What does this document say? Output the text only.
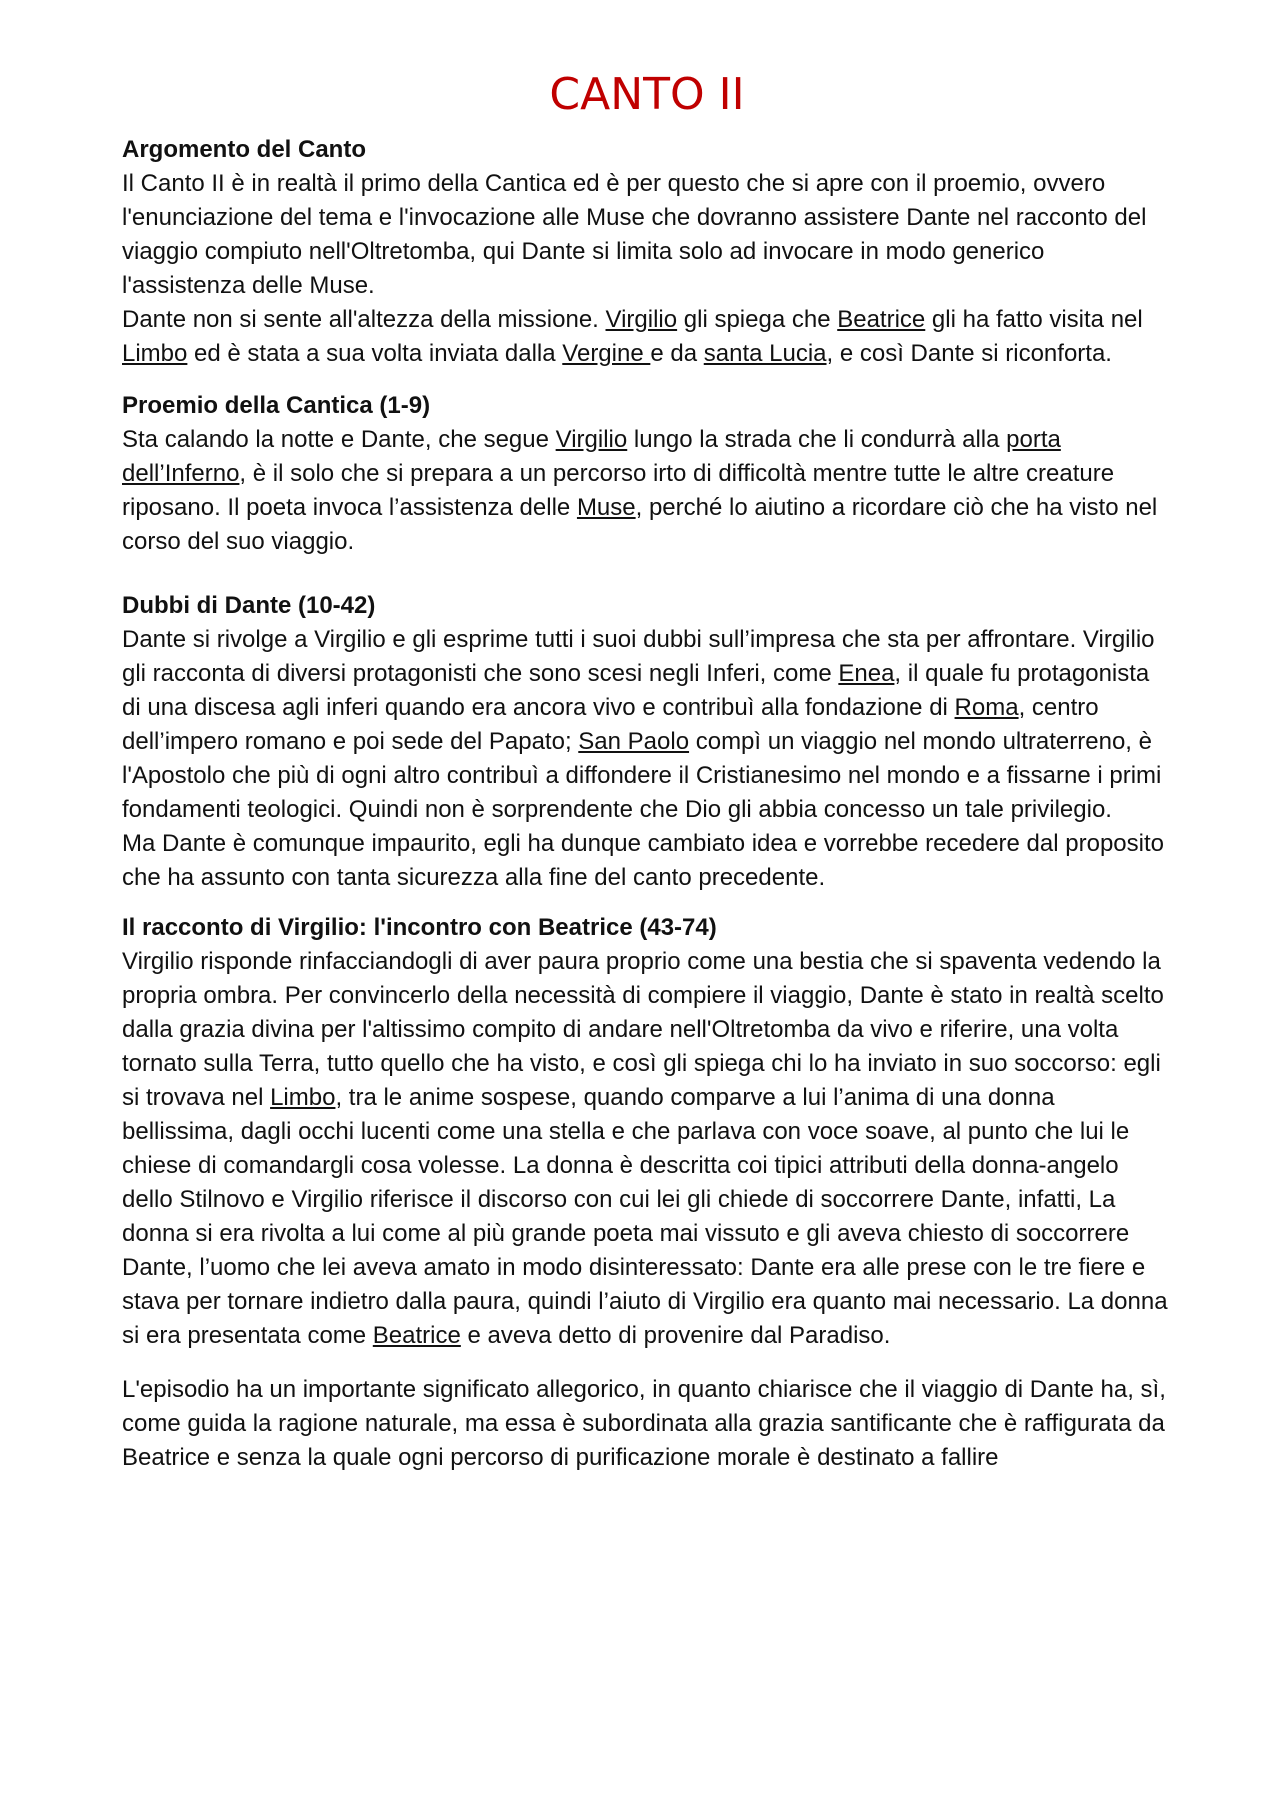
CANTO II
Argomento del Canto
Il Canto II è in realtà il primo della Cantica ed è per questo che si apre con il proemio, ovvero l'enunciazione del tema e l'invocazione alle Muse che dovranno assistere Dante nel racconto del viaggio compiuto nell'Oltretomba, qui Dante si limita solo ad invocare in modo generico l'assistenza delle Muse.
Dante non si sente all'altezza della missione. Virgilio gli spiega che Beatrice gli ha fatto visita nel Limbo ed è stata a sua volta inviata dalla Vergine e da santa Lucia, e così Dante si riconforta.
Proemio della Cantica (1-9)
Sta calando la notte e Dante, che segue Virgilio lungo la strada che li condurrà alla porta dell’Inferno, è il solo che si prepara a un percorso irto di difficoltà mentre tutte le altre creature riposano. Il poeta invoca l’assistenza delle Muse, perché lo aiutino a ricordare ciò che ha visto nel corso del suo viaggio.
Dubbi di Dante (10-42)
Dante si rivolge a Virgilio e gli esprime tutti i suoi dubbi sull’impresa che sta per affrontare. Virgilio gli racconta di diversi protagonisti che sono scesi negli Inferi, come Enea, il quale fu protagonista di una discesa agli inferi quando era ancora vivo e contribuì alla fondazione di Roma, centro dell’impero romano e poi sede del Papato; San Paolo compì un viaggio nel mondo ultraterreno, è l'Apostolo che più di ogni altro contribuì a diffondere il Cristianesimo nel mondo e a fissarne i primi fondamenti teologici. Quindi non è sorprendente che Dio gli abbia concesso un tale privilegio.
Ma Dante è comunque impaurito, egli ha dunque cambiato idea e vorrebbe recedere dal proposito che ha assunto con tanta sicurezza alla fine del canto precedente.
Il racconto di Virgilio: l'incontro con Beatrice (43-74)
Virgilio risponde rinfacciandogli di aver paura proprio come una bestia che si spaventa vedendo la propria ombra. Per convincerlo della necessità di compiere il viaggio, Dante è stato in realtà scelto dalla grazia divina per l'altissimo compito di andare nell'Oltretomba da vivo e riferire, una volta tornato sulla Terra, tutto quello che ha visto, e così gli spiega chi lo ha inviato in suo soccorso: egli si trovava nel Limbo, tra le anime sospese, quando comparve a lui l’anima di una donna bellissima, dagli occhi lucenti come una stella e che parlava con voce soave, al punto che lui le chiese di comandargli cosa volesse. La donna è descritta coi tipici attributi della donna-angelo dello Stilnovo e Virgilio riferisce il discorso con cui lei gli chiede di soccorrere Dante, infatti, La donna si era rivolta a lui come al più grande poeta mai vissuto e gli aveva chiesto di soccorrere Dante, l’uomo che lei aveva amato in modo disinteressato: Dante era alle prese con le tre fiere e stava per tornare indietro dalla paura, quindi l’aiuto di Virgilio era quanto mai necessario. La donna si era presentata come Beatrice e aveva detto di provenire dal Paradiso.
L'episodio ha un importante significato allegorico, in quanto chiarisce che il viaggio di Dante ha, sì, come guida la ragione naturale, ma essa è subordinata alla grazia santificante che è raffigurata da Beatrice e senza la quale ogni percorso di purificazione morale è destinato a fallire
